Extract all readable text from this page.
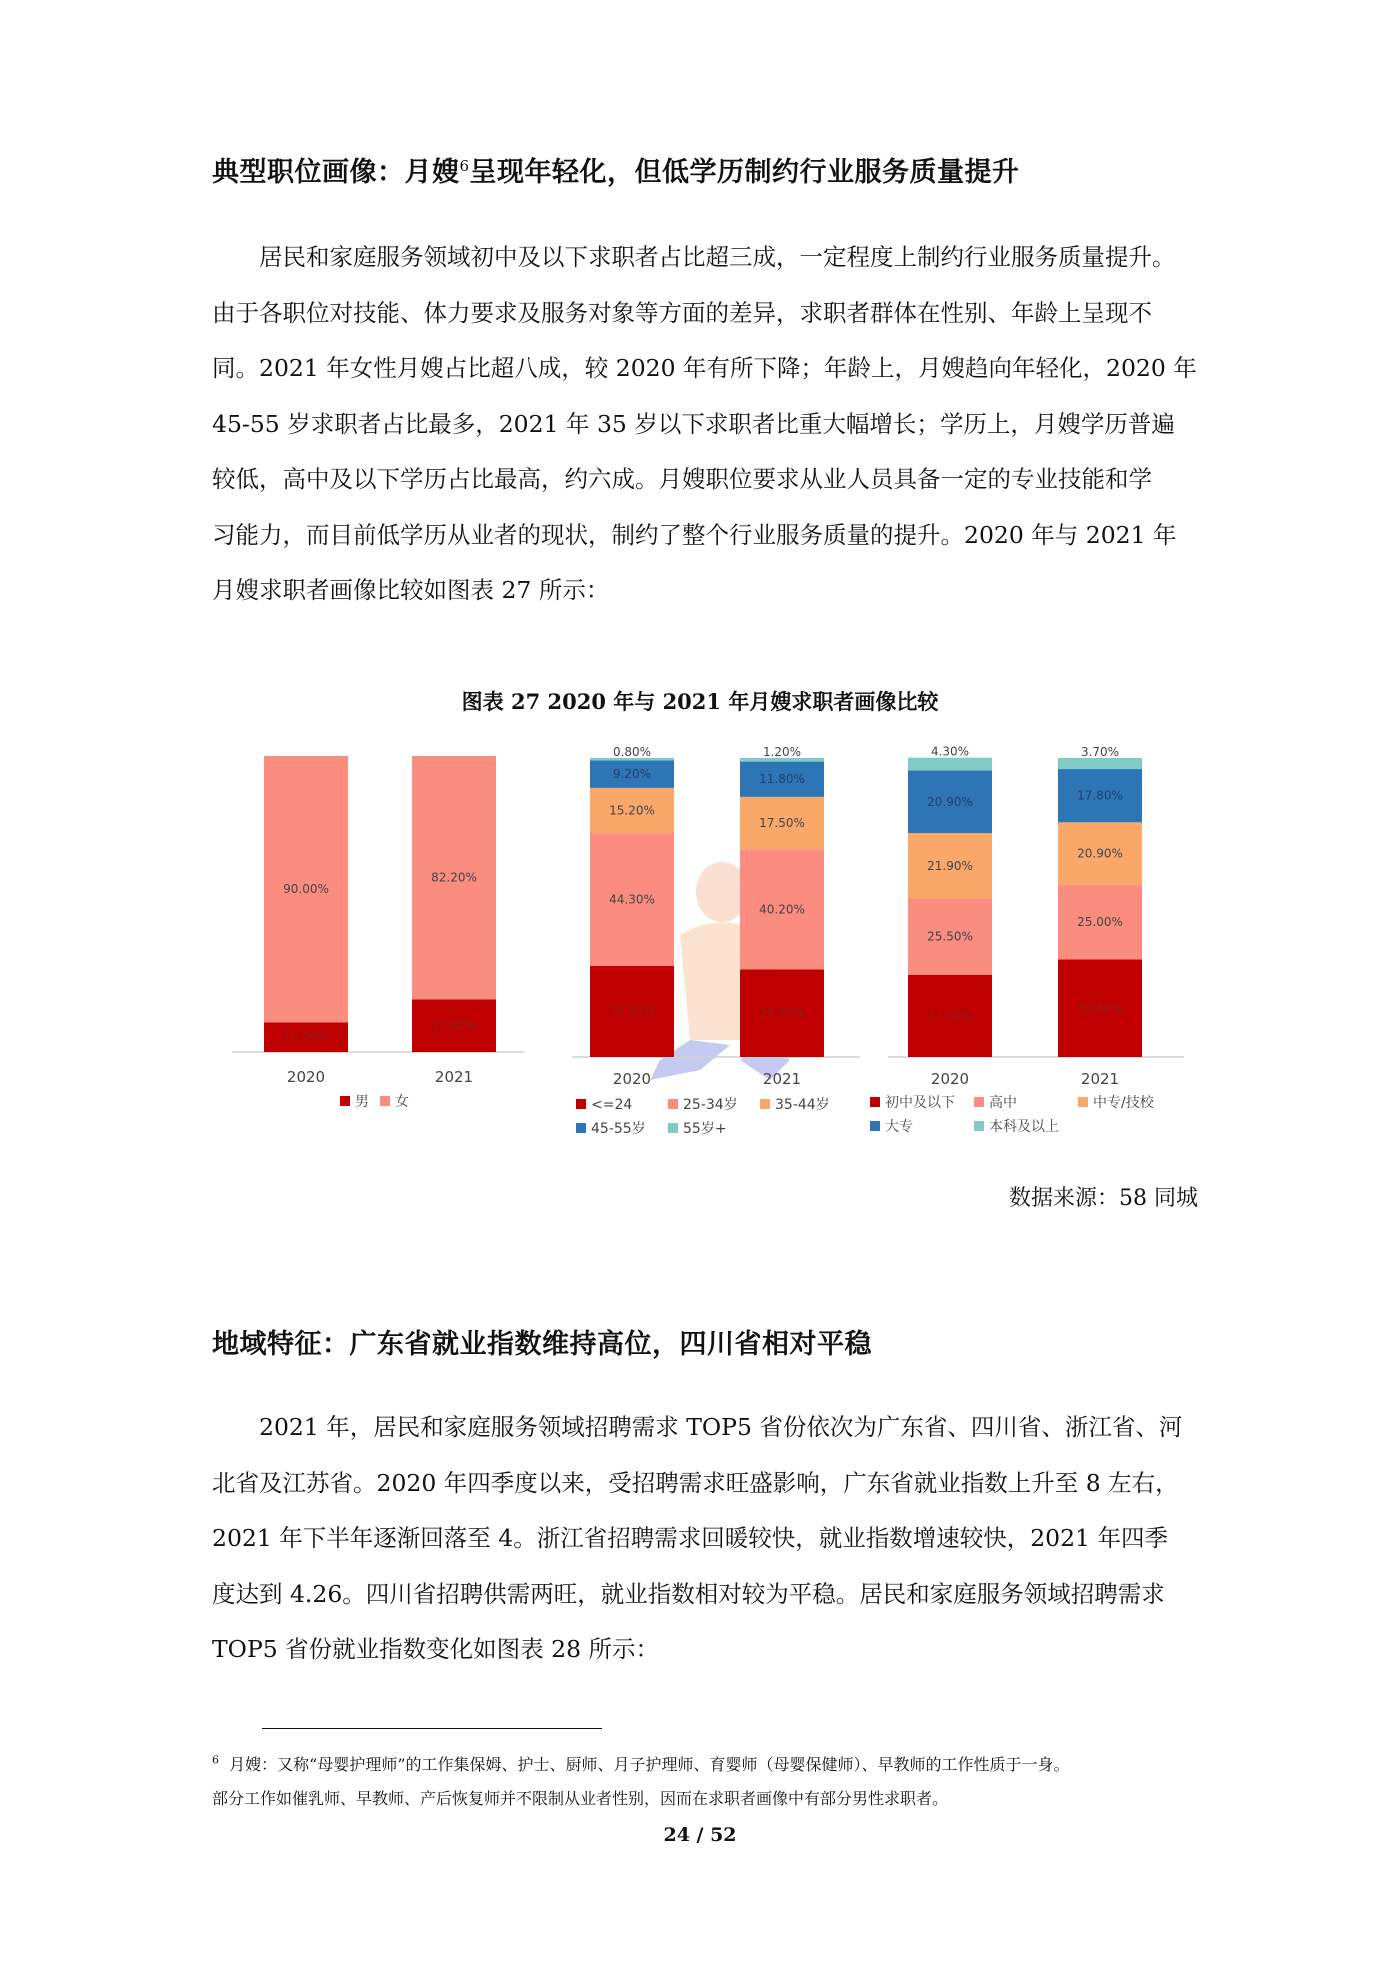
典型职位画像：月嫂$^6$呈现年轻化，但低学历制约行业服务质量提升
居民和家庭服务领域初中及以下求职者占比超三成，一定程度上制约行业服务质量提升。
由于各职位对技能、体力要求及服务对象等方面的差异，求职者群体在性别、年龄上呈现不
同。2021 年女性月嫂占比超八成，较 2020 年有所下降；年龄上，月嫂趋向年轻化，2020 年
45-55 岁求职者占比最多，2021 年 35 岁以下求职者比重大幅增长；学历上，月嫂学历普遍
较低，高中及以下学历占比最高，约六成。月嫂职位要求从业人员具备一定的专业技能和学
习能力，而目前低学历从业者的现状，制约了整个行业服务质量的提升。2020 年与 2021 年
月嫂求职者画像比较如图表 27 所示：
图表 27 2020 年与 2021 年月嫂求职者画像比较
10.00%
90.00%
2020
17.80%
82.20%
2021
男 女
30.50%
44.30%
15.20%
9.20%
0.80%
2020
29.30%
40.20%
17.50%
11.80%
1.20%
2021
<=24	25-34岁	35-44岁
45-55岁	55岁+
27.50%
25.50%
21.90%
20.90%
4.30%
2020
32.60%
25.00%
20.90%
17.80%
3.70%
2021
初中及以下 高中	中专/技校
大专	本科及以上
数据来源：58 同城
地域特征：广东省就业指数维持高位，四川省相对平稳
2021 年，居民和家庭服务领域招聘需求 TOP5 省份依次为广东省、四川省、浙江省、河
北省及江苏省。2020 年四季度以来，受招聘需求旺盛影响，广东省就业指数上升至 8 左右，
2021 年下半年逐渐回落至 4。浙江省招聘需求回暖较快，就业指数增速较快，2021 年四季
度达到 4.26。四川省招聘供需两旺，就业指数相对较为平稳。居民和家庭服务领域招聘需求
TOP5 省份就业指数变化如图表 28 所示：
$^6$ 月嫂：又称“母婴护理师”的工作集保姆、护士、厨师、月子护理师、育婴师（母婴保健师）、早教师的工作性质于一身。
部分工作如催乳师、早教师、产后恢复师并不限制从业者性别，因而在求职者画像中有部分男性求职者。
24 / 52
